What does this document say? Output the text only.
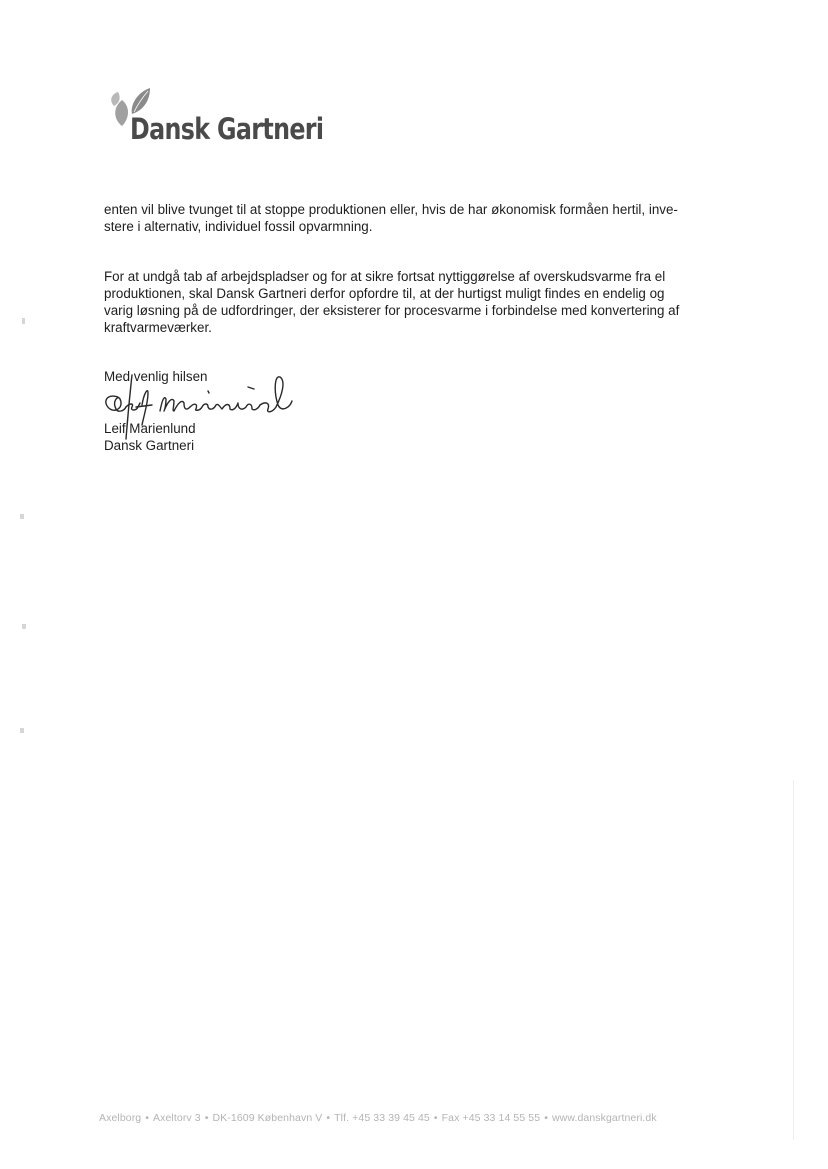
Dansk Gartneri

enten vil blive tvunget til at stoppe produktionen eller, hvis de har økonomisk formåen hertil, inve-
stere i alternativ, individuel fossil opvarmning.

For at undgå tab af arbejdspladser og for at sikre fortsat nyttiggørelse af overskudsvarme fra el
produktionen, skal Dansk Gartneri derfor opfordre til, at der hurtigst muligt findes en endelig og
varig løsning på de udfordringer, der eksisterer for procesvarme i forbindelse med konvertering af
kraftvarmeværker.

Med venlig hilsen
Leif Marienlund
Dansk Gartneri
Axelborg • Axeltorv 3 • DK-1609 København V • Tlf. +45 33 39 45 45 • Fax +45 33 14 55 55 • www.danskgartneri.dk
